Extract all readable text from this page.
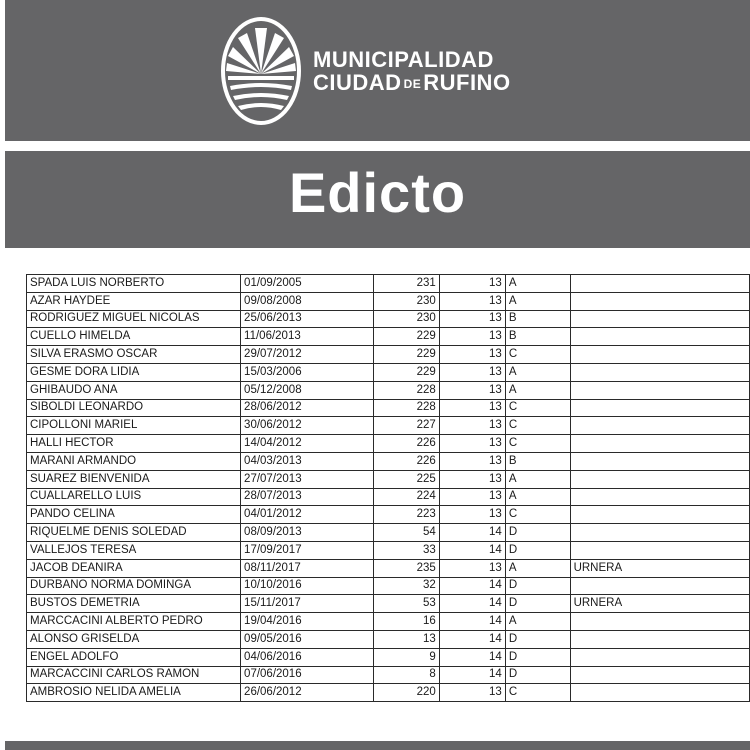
MUNICIPALIDAD
CIUDAD DERUFINO
Edicto
SPADA LUIS NORBERTO	01/09/2005	231	13	A	
AZAR HAYDEE	09/08/2008	230	13	A	
RODRIGUEZ MIGUEL NICOLAS	25/06/2013	230	13	B	
CUELLO HIMELDA	11/06/2013	229	13	B	
SILVA ERASMO OSCAR	29/07/2012	229	13	C	
GESME DORA LIDIA	15/03/2006	229	13	A	
GHIBAUDO ANA	05/12/2008	228	13	A	
SIBOLDI LEONARDO	28/06/2012	228	13	C	
CIPOLLONI MARIEL	30/06/2012	227	13	C	
HALLI HECTOR	14/04/2012	226	13	C	
MARANI ARMANDO	04/03/2013	226	13	B	
SUAREZ BIENVENIDA	27/07/2013	225	13	A	
CUALLARELLO LUIS	28/07/2013	224	13	A	
PANDO CELINA	04/01/2012	223	13	C	
RIQUELME DENIS SOLEDAD	08/09/2013	54	14	D	
VALLEJOS TERESA	17/09/2017	33	14	D	
JACOB DEANIRA	08/11/2017	235	13	A	URNERA
DURBANO NORMA DOMINGA	10/10/2016	32	14	D	
BUSTOS DEMETRIA	15/11/2017	53	14	D	URNERA
MARCCACINI ALBERTO PEDRO	19/04/2016	16	14	A	
ALONSO GRISELDA	09/05/2016	13	14	D	
ENGEL ADOLFO	04/06/2016	9	14	D	
MARCACCINI CARLOS RAMON	07/06/2016	8	14	D	
AMBROSIO NELIDA AMELIA	26/06/2012	220	13	C	
